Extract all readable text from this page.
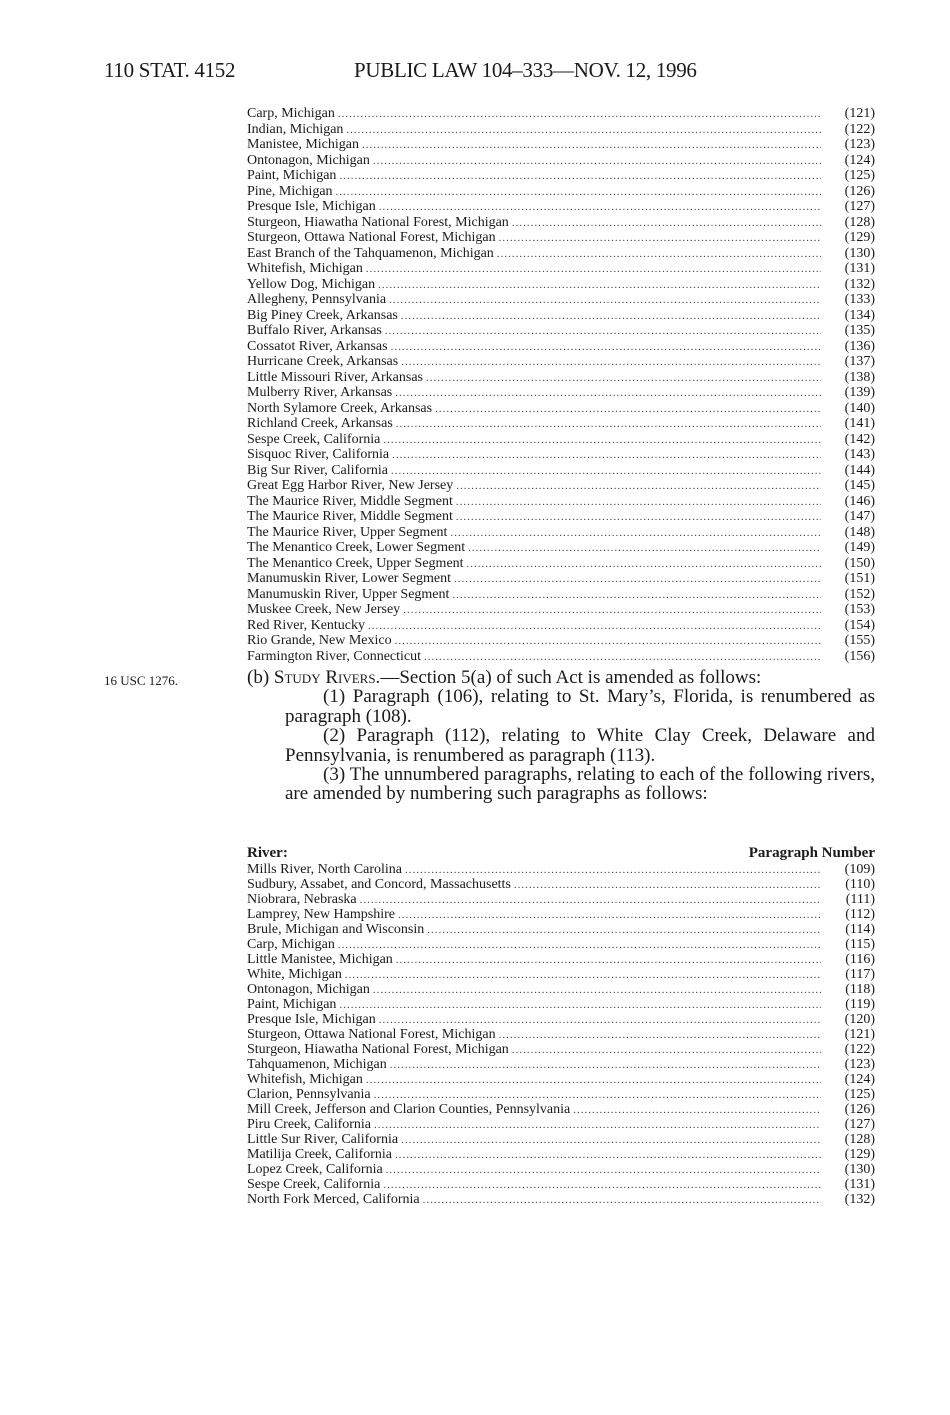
110 STAT. 4152	PUBLIC LAW 104–333—NOV. 12, 1996
Carp, Michigan .....	(121)
Indian, Michigan .....	(122)
Manistee, Michigan .....	(123)
Ontonagon, Michigan .....	(124)
Paint, Michigan .....	(125)
Pine, Michigan .....	(126)
Presque Isle, Michigan .....	(127)
Sturgeon, Hiawatha National Forest, Michigan .....	(128)
Sturgeon, Ottawa National Forest, Michigan .....	(129)
East Branch of the Tahquamenon, Michigan .....	(130)
Whitefish, Michigan .....	(131)
Yellow Dog, Michigan .....	(132)
Allegheny, Pennsylvania .....	(133)
Big Piney Creek, Arkansas .....	(134)
Buffalo River, Arkansas .....	(135)
Cossatot River, Arkansas .....	(136)
Hurricane Creek, Arkansas .....	(137)
Little Missouri River, Arkansas .....	(138)
Mulberry River, Arkansas .....	(139)
North Sylamore Creek, Arkansas .....	(140)
Richland Creek, Arkansas .....	(141)
Sespe Creek, California .....	(142)
Sisquoc River, California .....	(143)
Big Sur River, California .....	(144)
Great Egg Harbor River, New Jersey .....	(145)
The Maurice River, Middle Segment .....	(146)
The Maurice River, Middle Segment .....	(147)
The Maurice River, Upper Segment .....	(148)
The Menantico Creek, Lower Segment .....	(149)
The Menantico Creek, Upper Segment .....	(150)
Manumuskin River, Lower Segment .....	(151)
Manumuskin River, Upper Segment .....	(152)
Muskee Creek, New Jersey .....	(153)
Red River, Kentucky .....	(154)
Rio Grande, New Mexico .....	(155)
Farmington River, Connecticut .....	(156)
16 USC 1276.	(b) Study Rivers.—Section 5(a) of such Act is amended as follows:
(1) Paragraph (106), relating to St. Mary’s, Florida, is renumbered as paragraph (108).
(2) Paragraph (112), relating to White Clay Creek, Delaware and Pennsylvania, is renumbered as paragraph (113).
(3) The unnumbered paragraphs, relating to each of the following rivers, are amended by numbering such paragraphs as follows:
River:	Paragraph Number
Mills River, North Carolina .....	(109)
Sudbury, Assabet, and Concord, Massachusetts .....	(110)
Niobrara, Nebraska .....	(111)
Lamprey, New Hampshire .....	(112)
Brule, Michigan and Wisconsin .....	(114)
Carp, Michigan .....	(115)
Little Manistee, Michigan .....	(116)
White, Michigan .....	(117)
Ontonagon, Michigan .....	(118)
Paint, Michigan .....	(119)
Presque Isle, Michigan .....	(120)
Sturgeon, Ottawa National Forest, Michigan .....	(121)
Sturgeon, Hiawatha National Forest, Michigan .....	(122)
Tahquamenon, Michigan .....	(123)
Whitefish, Michigan .....	(124)
Clarion, Pennsylvania .....	(125)
Mill Creek, Jefferson and Clarion Counties, Pennsylvania .....	(126)
Piru Creek, California .....	(127)
Little Sur River, California .....	(128)
Matilija Creek, California .....	(129)
Lopez Creek, California .....	(130)
Sespe Creek, California .....	(131)
North Fork Merced, California .....	(132)
